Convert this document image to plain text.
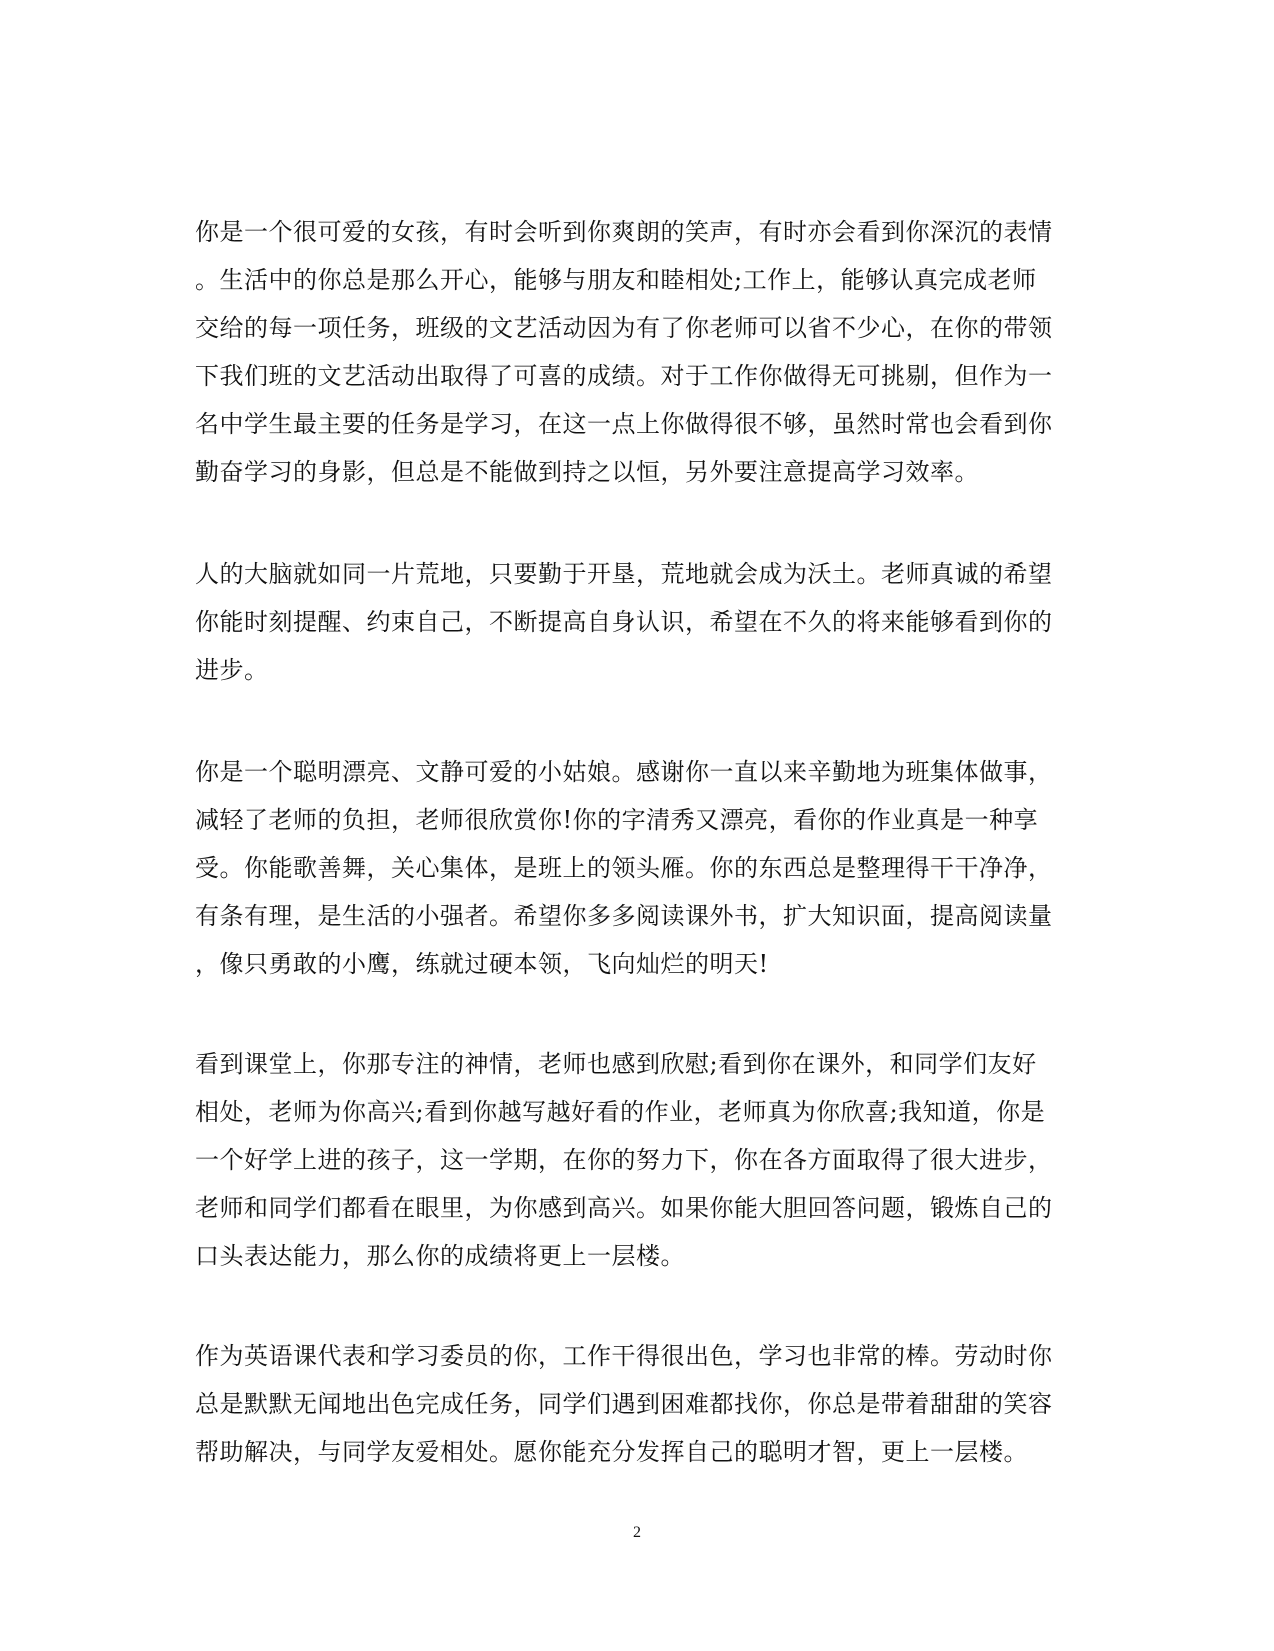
你是一个很可爱的女孩，有时会听到你爽朗的笑声，有时亦会看到你深沉的表情
。生活中的你总是那么开心，能够与朋友和睦相处;工作上，能够认真完成老师
交给的每一项任务，班级的文艺活动因为有了你老师可以省不少心，在你的带领
下我们班的文艺活动出取得了可喜的成绩。对于工作你做得无可挑剔，但作为一
名中学生最主要的任务是学习，在这一点上你做得很不够，虽然时常也会看到你
勤奋学习的身影，但总是不能做到持之以恒，另外要注意提高学习效率。
人的大脑就如同一片荒地，只要勤于开垦，荒地就会成为沃土。老师真诚的希望
你能时刻提醒、约束自己，不断提高自身认识，希望在不久的将来能够看到你的
进步。
你是一个聪明漂亮、文静可爱的小姑娘。感谢你一直以来辛勤地为班集体做事，
减轻了老师的负担，老师很欣赏你!你的字清秀又漂亮，看你的作业真是一种享
受。你能歌善舞，关心集体，是班上的领头雁。你的东西总是整理得干干净净，
有条有理，是生活的小强者。希望你多多阅读课外书，扩大知识面，提高阅读量
，像只勇敢的小鹰，练就过硬本领，飞向灿烂的明天!
看到课堂上，你那专注的神情，老师也感到欣慰;看到你在课外，和同学们友好
相处，老师为你高兴;看到你越写越好看的作业，老师真为你欣喜;我知道，你是
一个好学上进的孩子，这一学期，在你的努力下，你在各方面取得了很大进步，
老师和同学们都看在眼里，为你感到高兴。如果你能大胆回答问题，锻炼自己的
口头表达能力，那么你的成绩将更上一层楼。
作为英语课代表和学习委员的你，工作干得很出色，学习也非常的棒。劳动时你
总是默默无闻地出色完成任务，同学们遇到困难都找你，你总是带着甜甜的笑容
帮助解决，与同学友爱相处。愿你能充分发挥自己的聪明才智，更上一层楼。
2
